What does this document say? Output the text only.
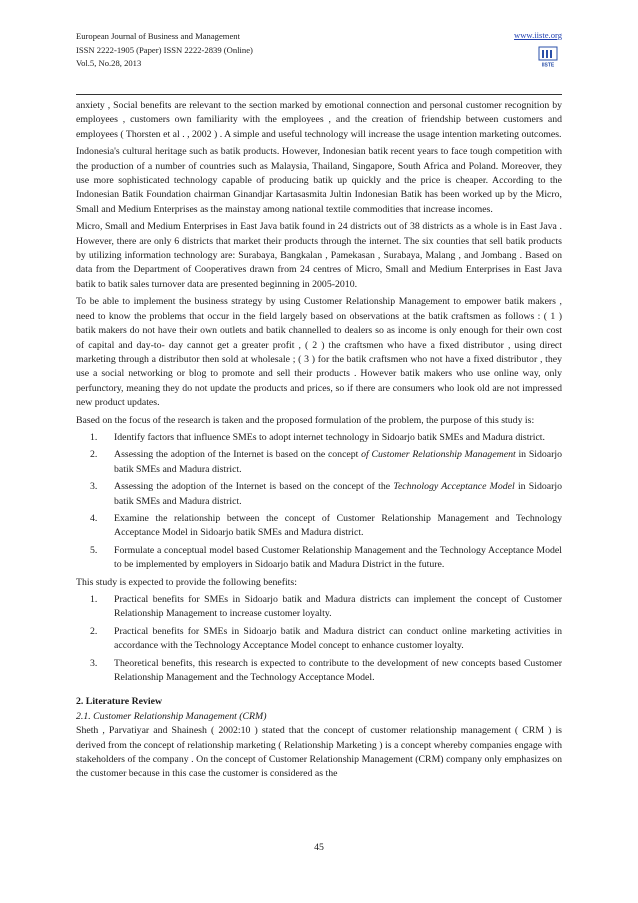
European Journal of Business and Management
ISSN 2222-1905 (Paper) ISSN 2222-2839 (Online)
Vol.5, No.28, 2013
www.iiste.org
IISTE

anxiety , Social benefits are relevant to the section marked by emotional connection and personal customer recognition by employees , customers own familiarity with the employees , and the creation of friendship between customers and employees ( Thorsten et al . , 2002 ) . A simple and useful technology will increase the usage intention marketing outcomes.

Indonesia's cultural heritage such as batik products. However, Indonesian batik recent years to face tough competition with the production of a number of countries such as Malaysia, Thailand, Singapore, South Africa and Poland. Moreover, they use more sophisticated technology capable of producing batik up quickly and the price is cheaper. According to the Indonesian Batik Foundation chairman Ginandjar Kartasasmita Jultin Indonesian Batik has been worked up by the Micro, Small and Medium Enterprises as the mainstay among national textile commodities that increase incomes.

Micro, Small and Medium Enterprises in East Java batik found in 24 districts out of 38 districts as a whole is in East Java . However, there are only 6 districts that market their products through the internet. The six counties that sell batik products by utilizing information technology are: Surabaya, Bangkalan , Pamekasan , Surabaya, Malang , and Jombang . Based on data from the Department of Cooperatives drawn from 24 centres of Micro, Small and Medium Enterprises in East Java batik to batik sales turnover data are presented beginning in 2005-2010.

To be able to implement the business strategy by using Customer Relationship Management to empower batik makers , need to know the problems that occur in the field largely based on observations at the batik craftsmen as follows : ( 1 ) batik makers do not have their own outlets and batik channelled to dealers so as income is only enough for their own cost of capital and day-to- day cannot get a greater profit , ( 2 ) the craftsmen who have a fixed distributor , using direct marketing through a distributor then sold at wholesale ; ( 3 ) for the batik craftsmen who not have a fixed distributor , they use a social networking or blog to promote and sell their products . However batik makers who use online way, only perfunctory, meaning they do not update the products and prices, so if there are consumers who look old are not impressed new product updates.

Based on the focus of the research is taken and the proposed formulation of the problem, the purpose of this study is:

1. Identify factors that influence SMEs to adopt internet technology in Sidoarjo batik SMEs and Madura district.
2. Assessing the adoption of the Internet is based on the concept of Customer Relationship Management in Sidoarjo batik SMEs and Madura district.
3. Assessing the adoption of the Internet is based on the concept of the Technology Acceptance Model in Sidoarjo batik SMEs and Madura district.
4. Examine the relationship between the concept of Customer Relationship Management and Technology Acceptance Model in Sidoarjo batik SMEs and Madura district.
5. Formulate a conceptual model based Customer Relationship Management and the Technology Acceptance Model to be implemented by employers in Sidoarjo batik and Madura District in the future.

This study is expected to provide the following benefits:

1. Practical benefits for SMEs in Sidoarjo batik and Madura districts can implement the concept of Customer Relationship Management to increase customer loyalty.
2. Practical benefits for SMEs in Sidoarjo batik and Madura district can conduct online marketing activities in accordance with the Technology Acceptance Model concept to enhance customer loyalty.
3. Theoretical benefits, this research is expected to contribute to the development of new concepts based Customer Relationship Management and the Technology Acceptance Model.
2. Literature Review
2.1. Customer Relationship Management (CRM)

Sheth , Parvatiyar and Shainesh ( 2002:10 ) stated that the concept of customer relationship management ( CRM ) is derived from the concept of relationship marketing ( Relationship Marketing ) is a concept whereby companies engage with stakeholders of the company . On the concept of Customer Relationship Management (CRM) company only emphasizes on the customer because in this case the customer is considered as the

45
